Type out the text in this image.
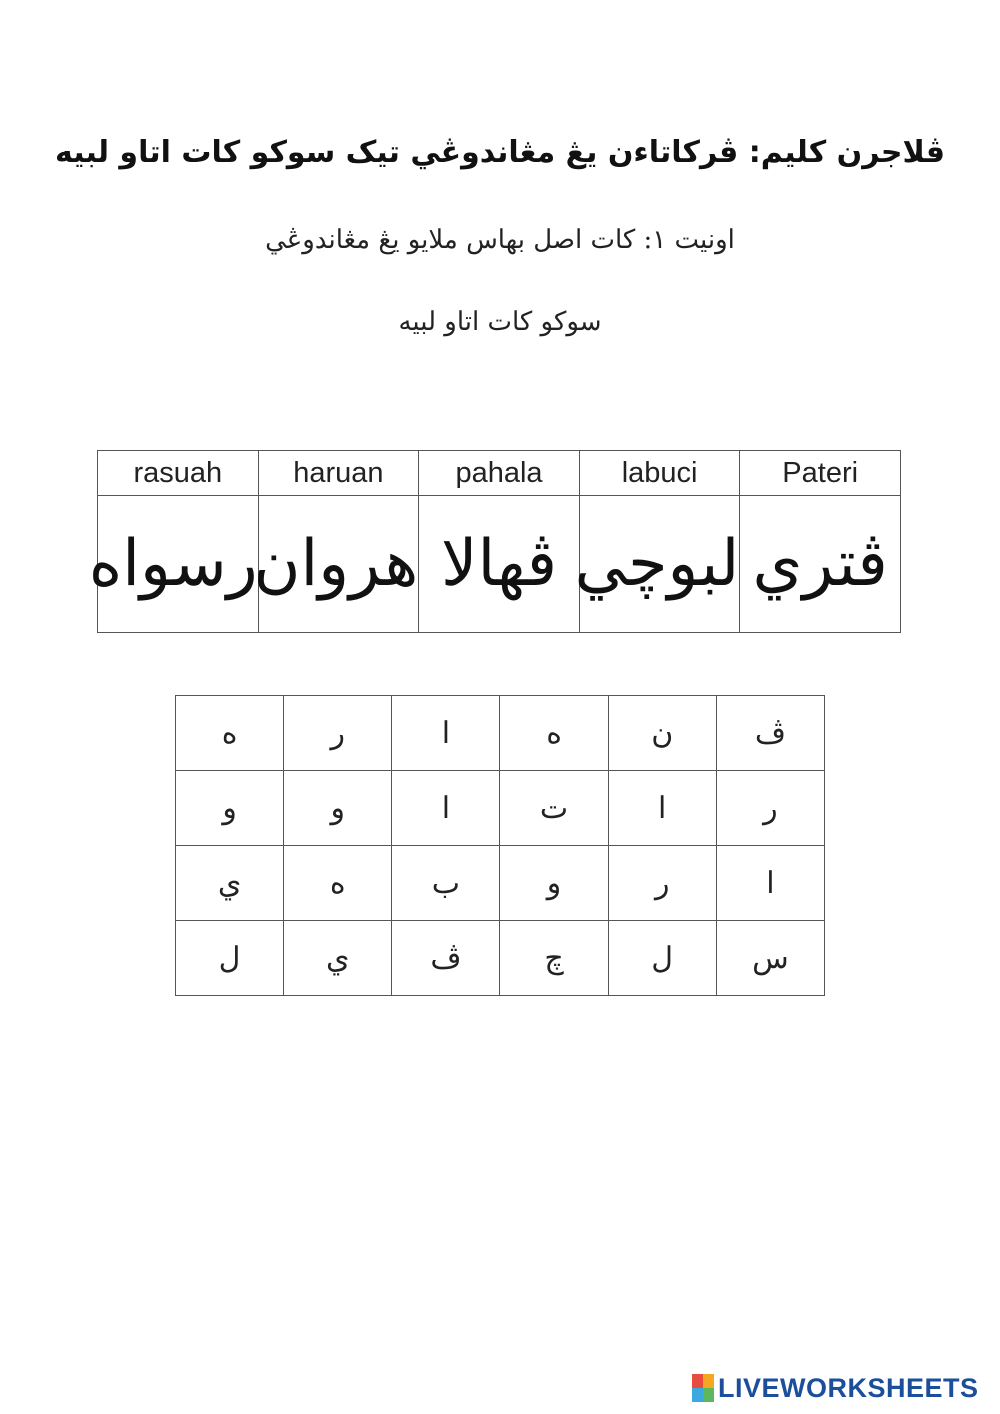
ڤلاجرن كليم: ڤركاتاءن يڠ مڠاندوڠي تيک سوكو كات اتاو لبيه
اونيت ١: كات اصل بهاس ملايو يڠ مڠاندوڠي
سوكو كات اتاو لبيه
rasuah	haruan	pahala	labuci	Pateri
رسواه	هروان	ڤهالا	لبوچي	ڤتري
ه	ر	ا	ه	ن	ڤ
و	و	ا	ت	ا	ر
ي	ه	ب	و	ر	ا
ل	ي	ڤ	چ	ل	س
LIVEWORKSHEETS
